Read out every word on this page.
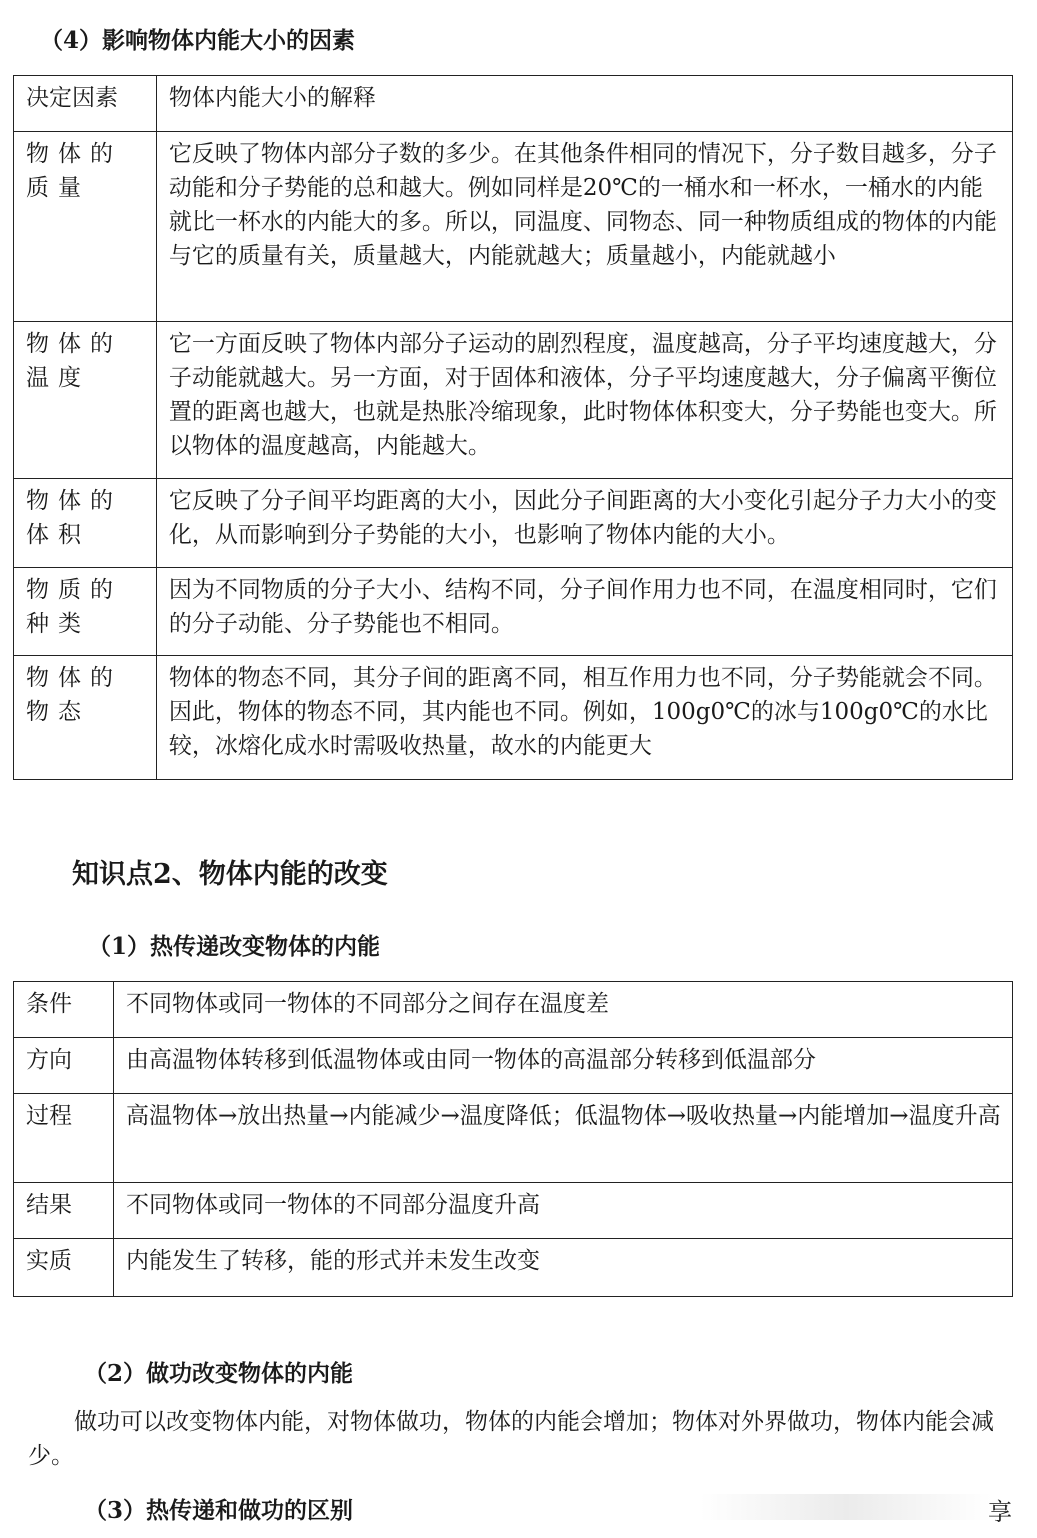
（4）影响物体内能大小的因素
决定因素	物体内能大小的解释
物体的质量	它反映了物体内部分子数的多少。在其他条件相同的情况下，分子数目越多，分子动能和分子势能的总和越大。例如同样是20℃的一桶水和一杯水，一桶水的内能就比一杯水的内能大的多。所以，同温度、同物态、同一种物质组成的物体的内能与它的质量有关，质量越大，内能就越大；质量越小，内能就越小
物体的温度	它一方面反映了物体内部分子运动的剧烈程度，温度越高，分子平均速度越大，分子动能就越大。另一方面，对于固体和液体，分子平均速度越大，分子偏离平衡位置的距离也越大，也就是热胀冷缩现象，此时物体体积变大，分子势能也变大。所以物体的温度越高，内能越大。
物体的体积	它反映了分子间平均距离的大小，因此分子间距离的大小变化引起分子力大小的变化，从而影响到分子势能的大小，也影响了物体内能的大小。
物质的种类	因为不同物质的分子大小、结构不同，分子间作用力也不同，在温度相同时，它们的分子动能、分子势能也不相同。
物体的物态	物体的物态不同，其分子间的距离不同，相互作用力也不同，分子势能就会不同。因此，物体的物态不同，其内能也不同。例如，100g0℃的冰与100g0℃的水比较，冰熔化成水时需吸收热量，故水的内能更大
知识点2、物体内能的改变
（1）热传递改变物体的内能
条件	不同物体或同一物体的不同部分之间存在温度差
方向	由高温物体转移到低温物体或由同一物体的高温部分转移到低温部分
过程	高温物体→放出热量→内能减少→温度降低；低温物体→吸收热量→内能增加→温度升高
结果	不同物体或同一物体的不同部分温度升高
实质	内能发生了转移，能的形式并未发生改变
（2）做功改变物体的内能
做功可以改变物体内能，对物体做功，物体的内能会增加；物体对外界做功，物体内能会减少。
（3）热传递和做功的区别	享
